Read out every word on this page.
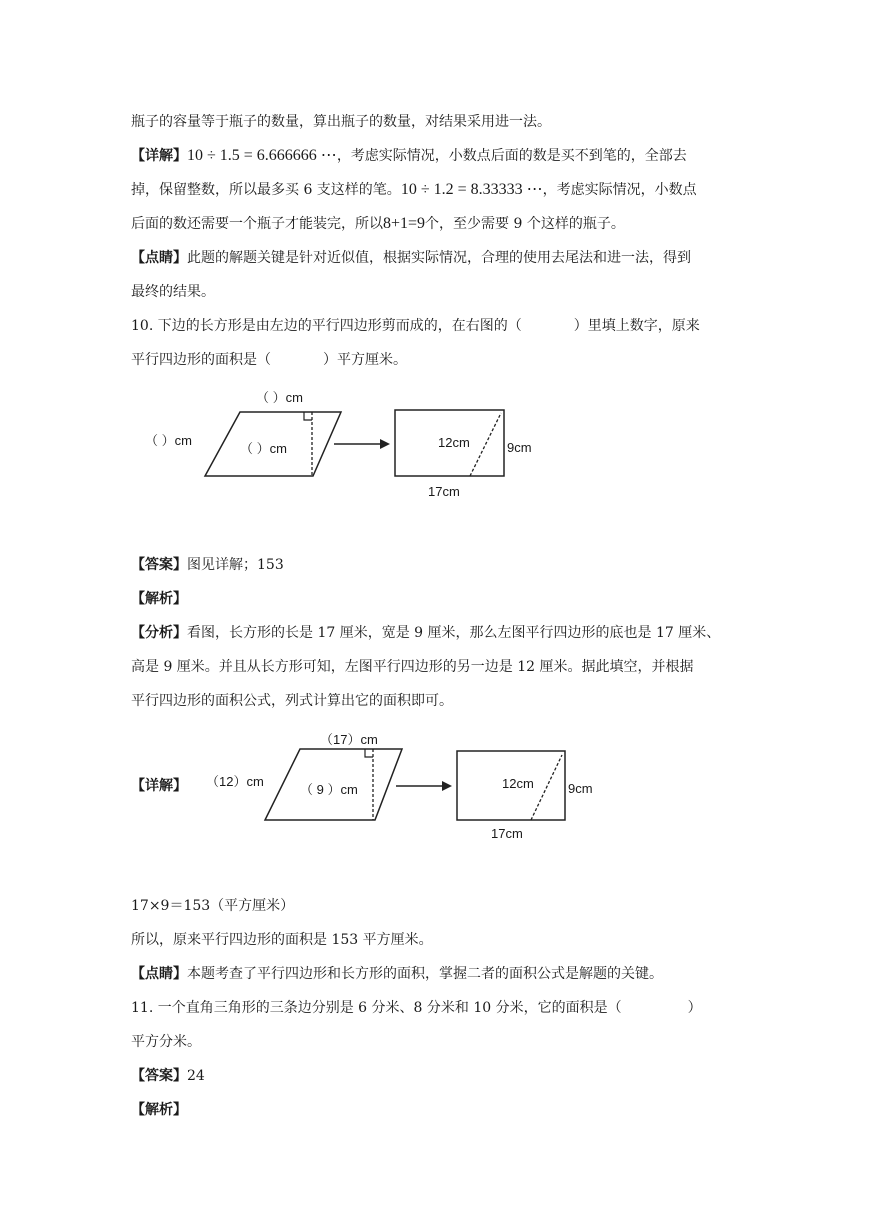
瓶子的容量等于瓶子的数量，算出瓶子的数量，对结果采用进一法。
【详解】10 ÷ 1.5 = 6.666666 ⋯，考虑实际情况，小数点后面的数是买不到笔的，全部去
掉，保留整数，所以最多买 6 支这样的笔。10 ÷ 1.2 = 8.33333 ⋯，考虑实际情况，小数点
后面的数还需要一个瓶子才能装完，所以8+1=9个，至少需要 9 个这样的瓶子。
【点睛】此题的解题关键是针对近似值，根据实际情况，合理的使用去尾法和进一法，得到
最终的结果。
10. 下边的长方形是由左边的平行四边形剪而成的，在右图的（	）里填上数字，原来
平行四边形的面积是（	）平方厘米。
（ ）cm
（ ）cm
（ ）cm	12cm	9cm
17cm
【答案】图见详解；153
【解析】
【分析】看图，长方形的长是 17 厘米，宽是 9 厘米，那么左图平行四边形的底也是 17 厘米、
高是 9 厘米。并且从长方形可知，左图平行四边形的另一边是 12 厘米。据此填空，并根据
平行四边形的面积公式，列式计算出它的面积即可。
【详解】
（17）cm
（12）cm
（ 9 ）cm	12cm	9cm
17cm
17×9＝153（平方厘米）
所以，原来平行四边形的面积是 153 平方厘米。
【点睛】本题考查了平行四边形和长方形的面积，掌握二者的面积公式是解题的关键。
11. 一个直角三角形的三条边分别是 6 分米、8 分米和 10 分米，它的面积是（	）
平方分米。
【答案】24
【解析】
